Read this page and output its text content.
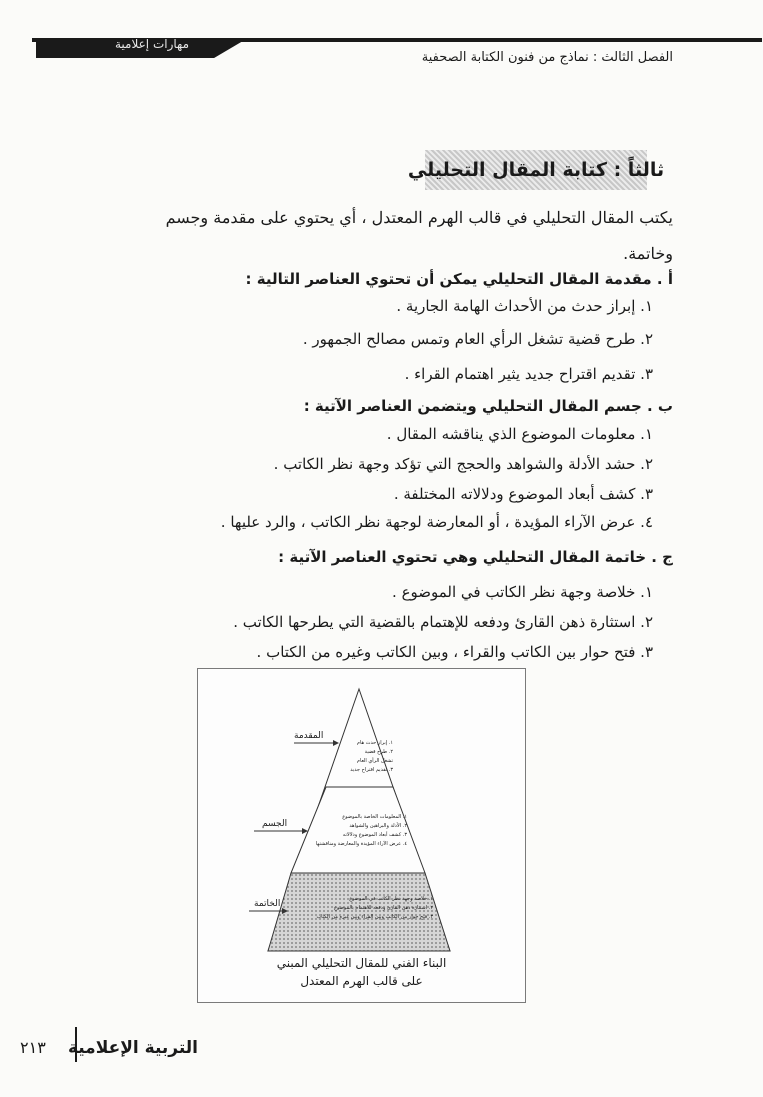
مهارات إعلامية
الفصل الثالث : نماذج من فنون الكتابة الصحفية
ثالثاً : كتابة المقال التحليلي
يكتب المقال التحليلي في قالب الهرم المعتدل ، أي يحتوي على مقدمة وجسم
وخاتمة.
أ . مقدمة المقال التحليلي يمكن أن تحتوي العناصر التالية :
١. إبراز حدث من الأحداث الهامة الجارية .
٢. طرح قضية تشغل الرأي العام وتمس مصالح الجمهور .
٣. تقديم اقتراح جديد يثير اهتمام القراء .
ب . جسم المقال التحليلي ويتضمن العناصر الآتية :
١. معلومات الموضوع الذي يناقشه المقال .
٢. حشد الأدلة والشواهد والحجج التي تؤكد وجهة نظر الكاتب .
٣. كشف أبعاد الموضوع ودلالاته المختلفة .
٤. عرض الآراء المؤيدة ، أو المعارضة لوجهة نظر الكاتب ، والرد عليها .
ج . خاتمة المقال التحليلي وهي تحتوي العناصر الآتية :
١. خلاصة وجهة نظر الكاتب في الموضوع .
٢. استثارة ذهن القارئ ودفعه للإهتمام بالقضية التي يطرحها الكاتب .
٣. فتح حوار بين الكاتب والقراء ، وبين الكاتب وغيره من الكتاب .
المقدمة
الجسم
الخاتمة
١. إبراز حدث هام
٢. طرح قضية
تشغل الرأي العام
٣. تقديم اقتراح جديد
١. المعلومات الخاصة بالموضوع
٢. الأدلة والبراهين والشواهد
٣. كشف أبعاد الموضوع ودلالاته
٤. عرض الآراء المؤيدة والمعارضة ومناقشتها
١. خلاصة وجهة نظر الكاتب في الموضوع
٢. استثارة ذهن القارئ ودفعه للاهتمام بالموضوع
٣. فتح حوار بين الكاتب وبين القراء وبين غيره من الكتاب
البناء الفني للمقال التحليلي المبني
على قالب الهرم المعتدل
التربية الإعلامية
٢١٣
